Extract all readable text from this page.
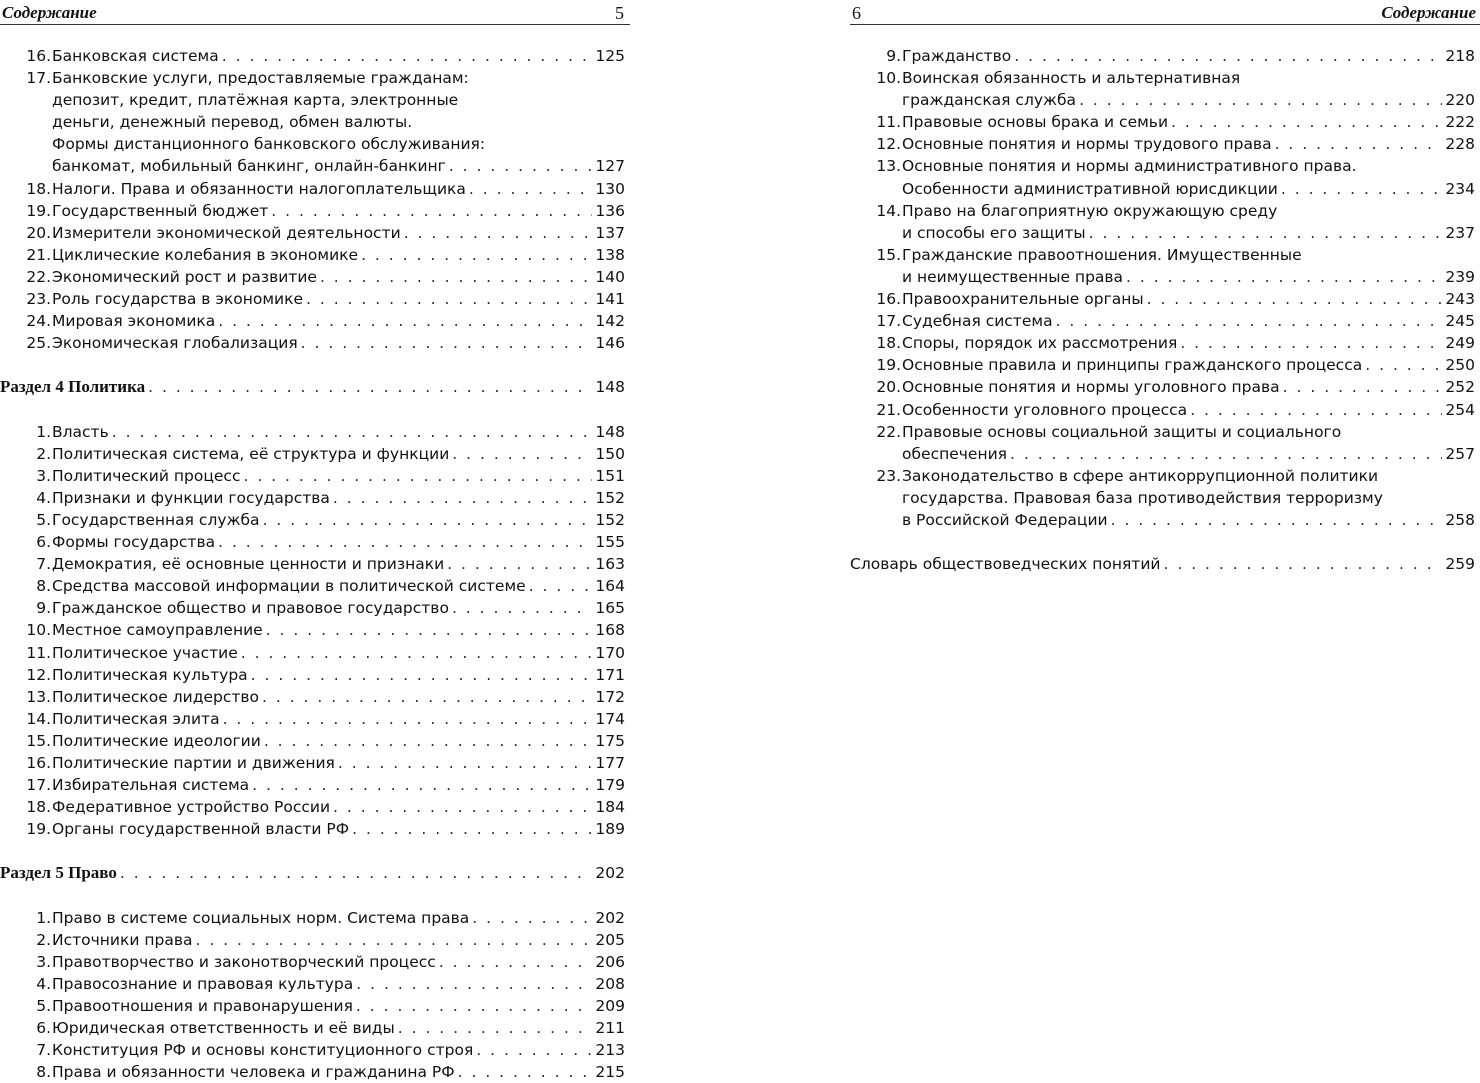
Содержание	5
16. Банковская система . . .	125
17. Банковские услуги, предоставляемые гражданам:
депозит, кредит, платёжная карта, электронные
деньги, денежный перевод, обмен валюты.
Формы дистанционного банковского обслуживания:
банкомат, мобильный банкинг, онлайн-банкинг . . .	127
18. Налоги. Права и обязанности налогоплательщика . . .	130
19. Государственный бюджет . . .	136
20. Измерители экономической деятельности . . .	137
21. Циклические колебания в экономике . . .	138
22. Экономический рост и развитие . . .	140
23. Роль государства в экономике . . .	141
24. Мировая экономика . . .	142
25. Экономическая глобализация . . .	146
Раздел 4 Политика . . .	148
1. Власть . . .	148
2. Политическая система, её структура и функции . . .	150
3. Политический процесс . . .	151
4. Признаки и функции государства . . .	152
5. Государственная служба . . .	152
6. Формы государства . . .	155
7. Демократия, её основные ценности и признаки . . .	163
8. Средства массовой информации в политической системе . . .	164
9. Гражданское общество и правовое государство . . .	165
10. Местное самоуправление . . .	168
11. Политическое участие . . .	170
12. Политическая культура . . .	171
13. Политическое лидерство . . .	172
14. Политическая элита . . .	174
15. Политические идеологии . . .	175
16. Политические партии и движения . . .	177
17. Избирательная система . . .	179
18. Федеративное устройство России . . .	184
19. Органы государственной власти РФ . . .	189
Раздел 5 Право . . .	202
1. Право в системе социальных норм. Система права . . .	202
2. Источники права . . .	205
3. Правотворчество и законотворческий процесс . . .	206
4. Правосознание и правовая культура . . .	208
5. Правоотношения и правонарушения . . .	209
6. Юридическая ответственность и её виды . . .	211
7. Конституция РФ и основы конституционного строя . . .	213
8. Права и обязанности человека и гражданина РФ . . .	215
6	Содержание
9. Гражданство . . .	218
10. Воинская обязанность и альтернативная
гражданская служба . . .	220
11. Правовые основы брака и семьи . . .	222
12. Основные понятия и нормы трудового права . . .	228
13. Основные понятия и нормы административного права.
Особенности административной юрисдикции . . .	234
14. Право на благоприятную окружающую среду
и способы его защиты . . .	237
15. Гражданские правоотношения. Имущественные
и неимущественные права . . .	239
16. Правоохранительные органы . . .	243
17. Судебная система . . .	245
18. Споры, порядок их рассмотрения . . .	249
19. Основные правила и принципы гражданского процесса . . .	250
20. Основные понятия и нормы уголовного права . . .	252
21. Особенности уголовного процесса . . .	254
22. Правовые основы социальной защиты и социального
обеспечения . . .	257
23. Законодательство в сфере антикоррупционной политики
государства. Правовая база противодействия терроризму
в Российской Федерации . . .	258
Словарь обществоведческих понятий . . .	259
